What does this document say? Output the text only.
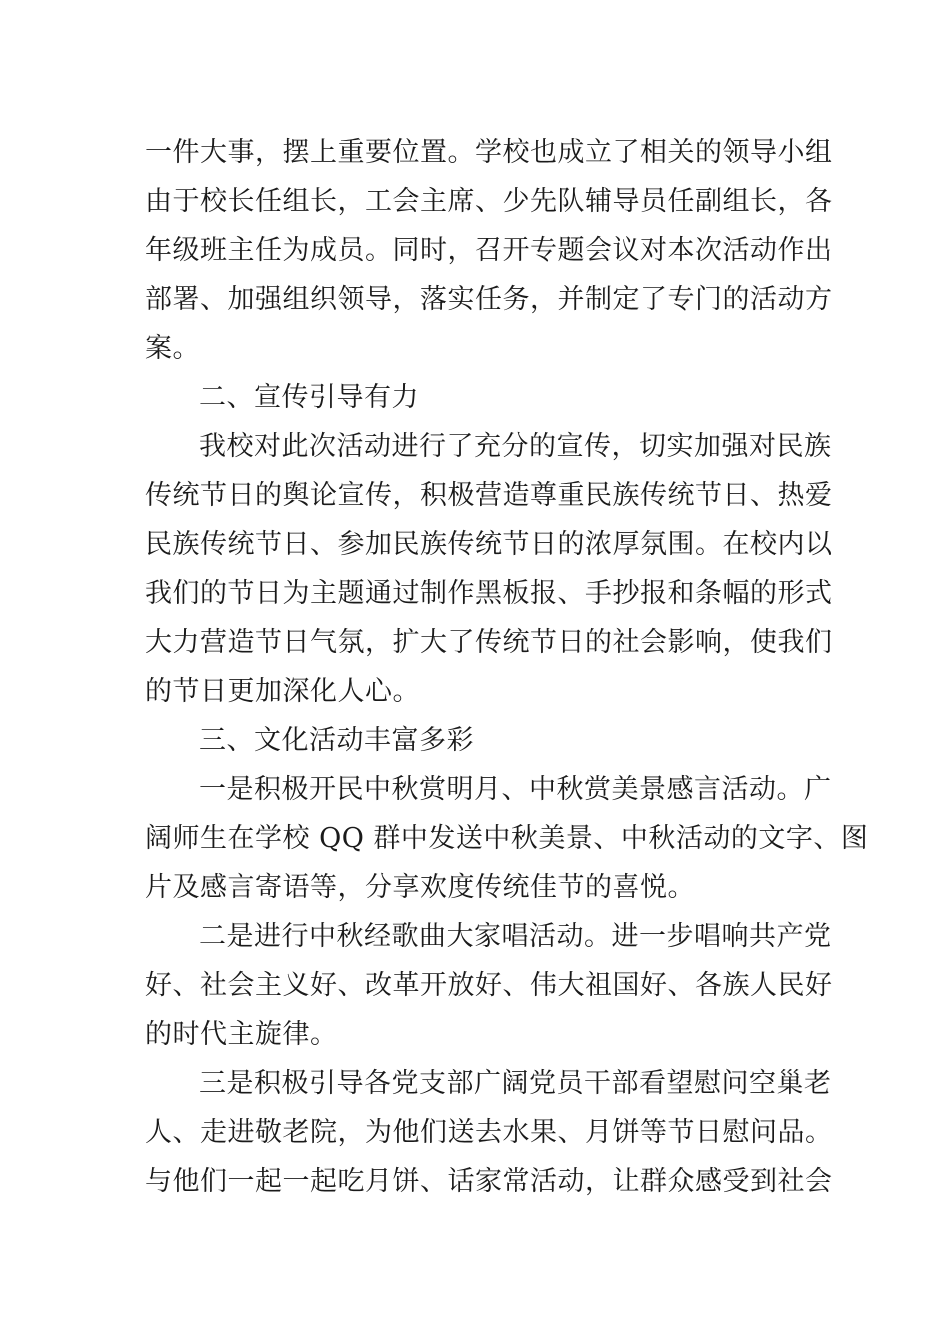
一件大事，摆上重要位置。学校也成立了相关的领导小组
由于校长任组长，工会主席、少先队辅导员任副组长，各
年级班主任为成员。同时，召开专题会议对本次活动作出
部署、加强组织领导，落实任务，并制定了专门的活动方
案。
二、宣传引导有力
我校对此次活动进行了充分的宣传，切实加强对民族
传统节日的舆论宣传，积极营造尊重民族传统节日、热爱
民族传统节日、参加民族传统节日的浓厚氛围。在校内以
我们的节日为主题通过制作黑板报、手抄报和条幅的形式
大力营造节日气氛，扩大了传统节日的社会影响，使我们
的节日更加深化人心。
三、文化活动丰富多彩
一是积极开民中秋赏明月、中秋赏美景感言活动。广
阔师生在学校 QQ 群中发送中秋美景、中秋活动的文字、图
片及感言寄语等，分享欢度传统佳节的喜悦。
二是进行中秋经歌曲大家唱活动。进一步唱响共产党
好、社会主义好、改革开放好、伟大祖国好、各族人民好
的时代主旋律。
三是积极引导各党支部广阔党员干部看望慰问空巢老
人、走进敬老院，为他们送去水果、月饼等节日慰问品。
与他们一起一起吃月饼、话家常活动，让群众感受到社会
